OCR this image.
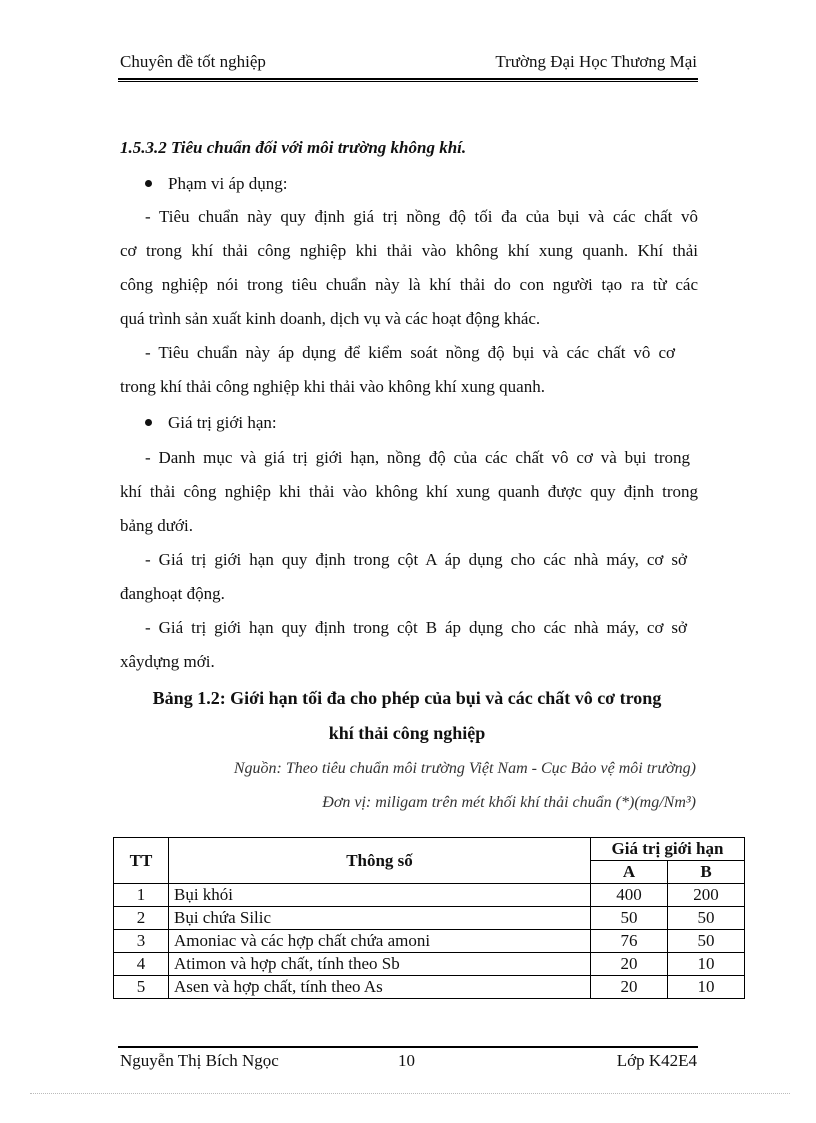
Chuyên đề tốt nghiệp	Trường Đại Học Thương Mại
1.5.3.2 Tiêu chuẩn đối với môi trường không khí.
Phạm vi áp dụng:
- Tiêu chuẩn này quy định giá trị nồng độ tối đa của bụi và các chất vô
cơ trong khí thải công nghiệp khi thải vào không khí xung quanh. Khí thải
công nghiệp nói trong tiêu chuẩn này là khí thải do con người tạo ra từ các
quá trình sản xuất kinh doanh, dịch vụ và các hoạt động khác.
- Tiêu chuẩn này áp dụng để kiểm soát nồng độ bụi và các chất vô cơ
trong khí thải công nghiệp khi thải vào không khí xung quanh.
Giá trị giới hạn:
- Danh mục và giá trị giới hạn, nồng độ của các chất vô cơ và bụi trong
khí thải công nghiệp khi thải vào không khí xung quanh được quy định trong
bảng dưới.
- Giá trị giới hạn quy định trong cột A áp dụng cho các nhà máy, cơ sở
đanghoạt động.
- Giá trị giới hạn quy định trong cột B áp dụng cho các nhà máy, cơ sở
xâydựng mới.
Bảng 1.2: Giới hạn tối đa cho phép của bụi và các chất vô cơ trong
khí thải công nghiệp
Nguồn: Theo tiêu chuẩn môi trường Việt Nam - Cục Bảo vệ môi trường)
Đơn vị: miligam trên mét khối khí thải chuẩn (*)(mg/Nm³)
TT	Thông số	Giá trị giới hạn	
		A	B
1	Bụi khói	400	200
2	Bụi chứa Silic	50	50
3	Amoniac và các hợp chất chứa amoni	76	50
4	Atimon và hợp chất, tính theo Sb	20	10
5	Asen và hợp chất, tính theo As	20	10
Nguyễn Thị Bích Ngọc	10	Lớp K42E4
